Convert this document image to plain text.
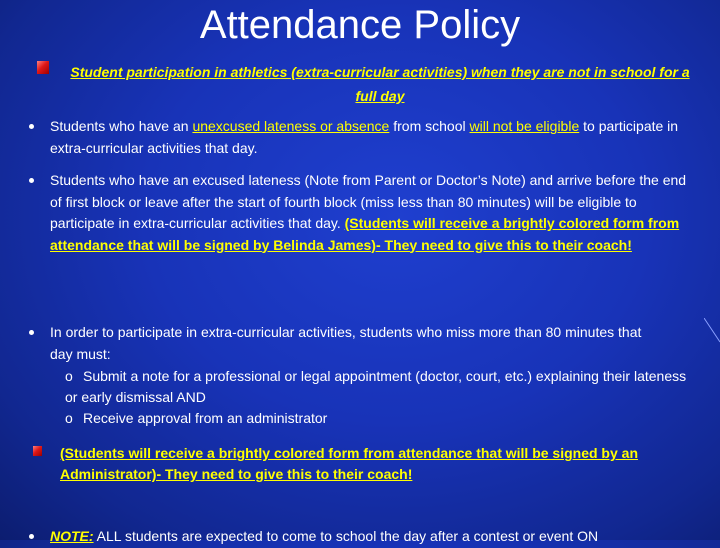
Attendance Policy
Student participation in athletics (extra-curricular activities) when they are not in school for a full day
Students who have an unexcused lateness or absence from school will not be eligible to participate in extra-curricular activities that day.
Students who have an excused lateness (Note from Parent or Doctor’s Note) and arrive before the end of first block or leave after the start of fourth block (miss less than 80 minutes) will be eligible to participate in extra-curricular activities that day. (Students will receive a brightly colored form from attendance that will be signed by Belinda James)- They need to give this to their coach!
In order to participate in extra-curricular activities, students who miss more than 80 minutes that day must:
o Submit a note for a professional or legal appointment (doctor, court, etc.) explaining their lateness or early dismissal AND
o Receive approval from an administrator
(Students will receive a brightly colored form from attendance that will be signed by an Administrator)- They need to give this to their coach!
NOTE: ALL students are expected to come to school the day after a contest or event ON
